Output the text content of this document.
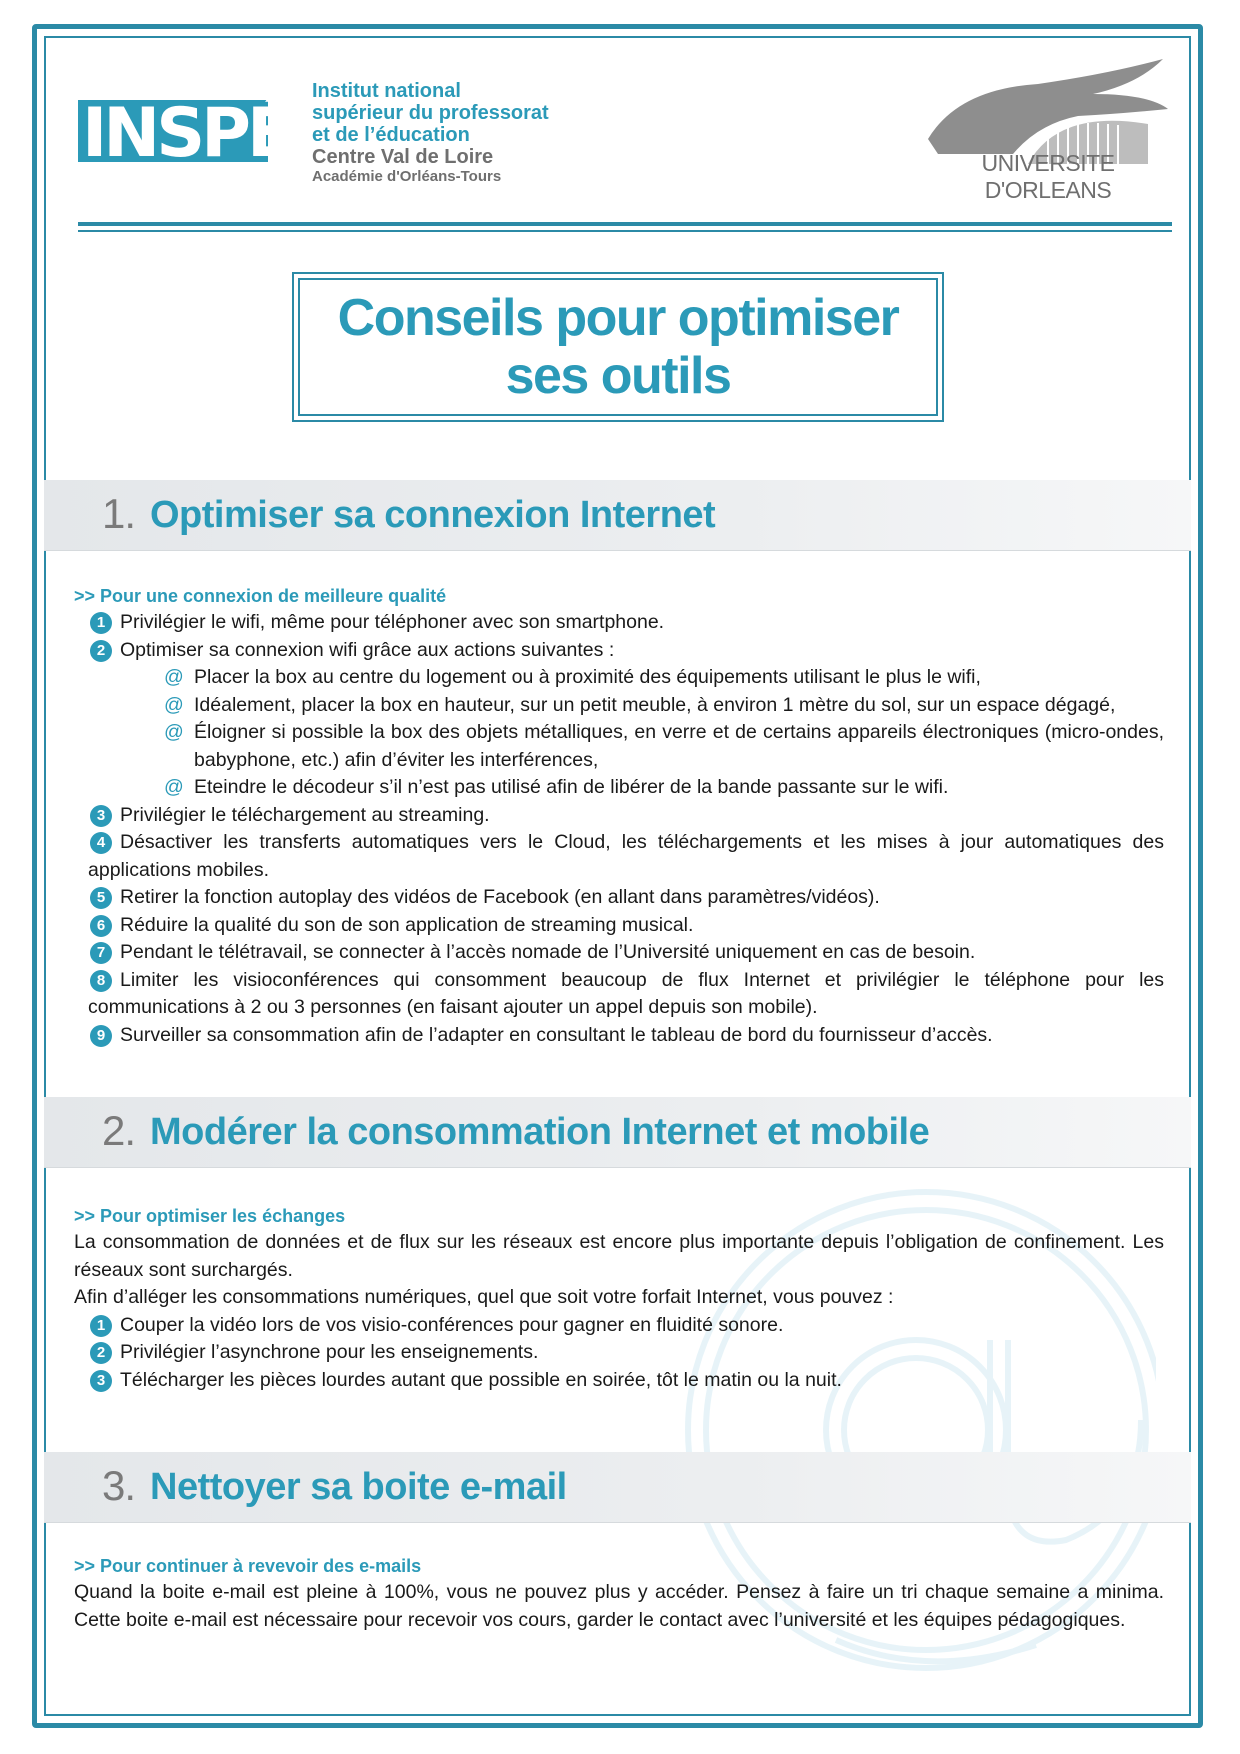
INSPÉ
Institut national
supérieur du professorat
et de l’éducation
Centre Val de Loire
Académie d'Orléans-Tours
UNIVERSITE D'ORLEANS
Conseils pour optimiser ses outils
1. Optimiser sa connexion Internet
>> Pour une connexion de meilleure qualité
1 Privilégier le wifi, même pour téléphoner avec son smartphone.
2 Optimiser sa connexion wifi grâce aux actions suivantes :
@ Placer la box au centre du logement ou à proximité des équipements utilisant le plus le wifi,
@ Idéalement, placer la box en hauteur, sur un petit meuble, à environ 1 mètre du sol, sur un espace dégagé,
@ Éloigner si possible la box des objets métalliques, en verre et de certains appareils électroniques (micro-ondes, babyphone, etc.) afin d’éviter les interférences,
@ Eteindre le décodeur s’il n’est pas utilisé afin de libérer de la bande passante sur le wifi.
3 Privilégier le téléchargement au streaming.
4 Désactiver les transferts automatiques vers le Cloud, les téléchargements et les mises à jour automatiques des applications mobiles.
5 Retirer la fonction autoplay des vidéos de Facebook (en allant dans paramètres/vidéos).
6 Réduire la qualité du son de son application de streaming musical.
7 Pendant le télétravail, se connecter à l’accès nomade de l’Université uniquement en cas de besoin.
8 Limiter les visioconférences qui consomment beaucoup de flux Internet et privilégier le téléphone pour les communications à 2 ou 3 personnes (en faisant ajouter un appel depuis son mobile).
9 Surveiller sa consommation afin de l’adapter en consultant le tableau de bord du fournisseur d’accès.
2. Modérer la consommation Internet et mobile
>> Pour optimiser les échanges
La consommation de données et de flux sur les réseaux est encore plus importante depuis l’obligation de confinement. Les réseaux sont surchargés.
Afin d’alléger les consommations numériques, quel que soit votre forfait Internet, vous pouvez :
1 Couper la vidéo lors de vos visio-conférences pour gagner en fluidité sonore.
2 Privilégier l’asynchrone pour les enseignements.
3 Télécharger les pièces lourdes autant que possible en soirée, tôt le matin ou la nuit.
3. Nettoyer sa boite e-mail
>> Pour continuer à revevoir des e-mails
Quand la boite e-mail est pleine à 100%, vous ne pouvez plus y accéder. Pensez à faire un tri chaque semaine a minima. Cette boite e-mail est nécessaire pour recevoir vos cours, garder le contact avec l’université et les équipes pédagogiques.
